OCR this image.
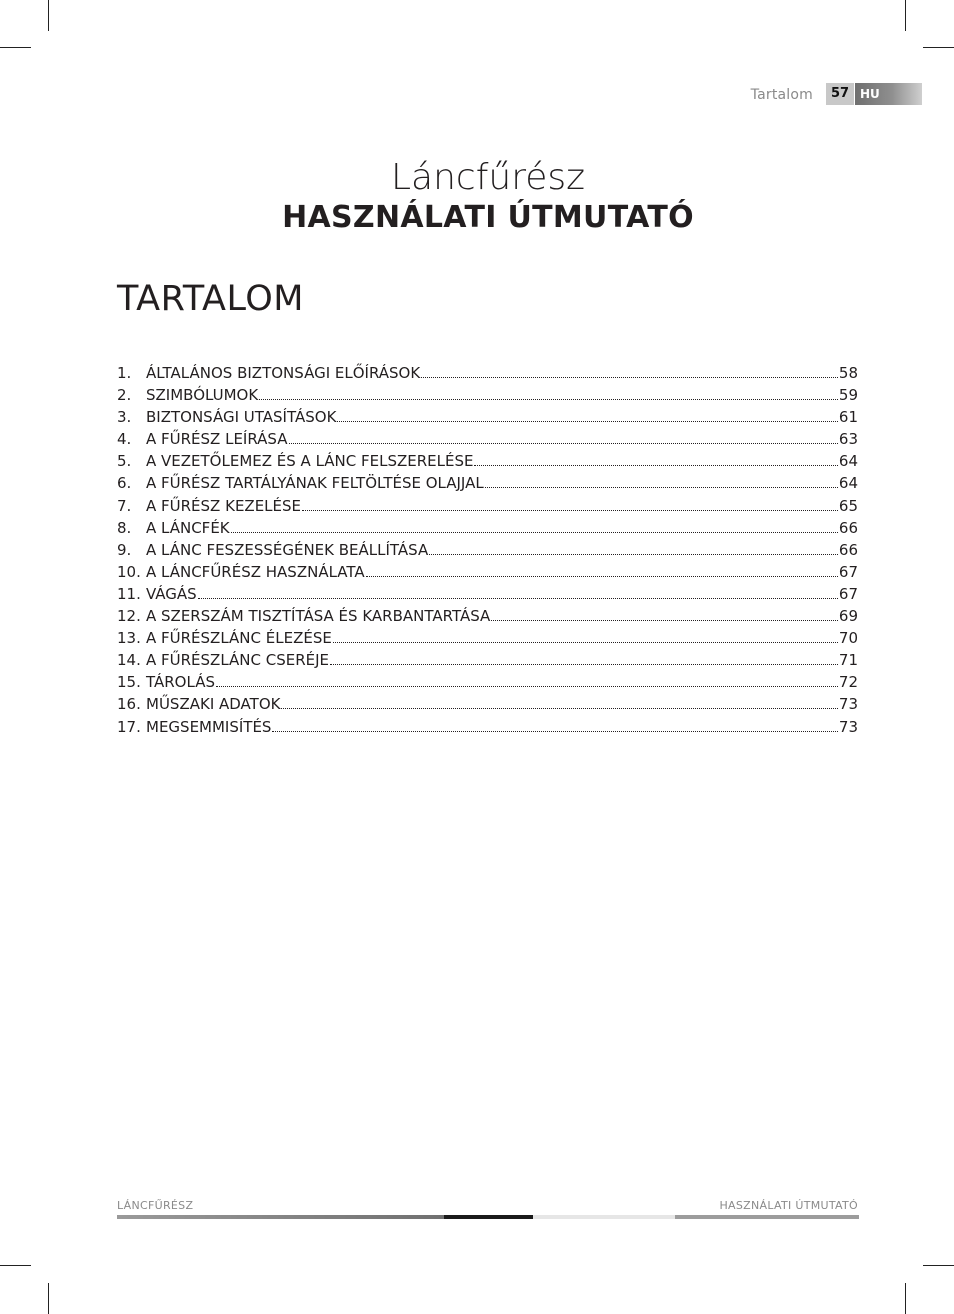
Tartalom	57 HU
Láncfűrész
HASZNÁLATI ÚTMUTATÓ
TARTALOM
1. ÁLTALÁNOS BIZTONSÁGI ELŐÍRÁSOK	58
2. SZIMBÓLUMOK	59
3. BIZTONSÁGI UTASÍTÁSOK	61
4. A FŰRÉSZ LEÍRÁSA	63
5. A VEZETŐLEMEZ ÉS A LÁNC FELSZERELÉSE	64
6. A FŰRÉSZ TARTÁLYÁNAK FELTÖLTÉSE OLAJJAL	64
7. A FŰRÉSZ KEZELÉSE	65
8. A LÁNCFÉK	66
9. A LÁNC FESZESSÉGÉNEK BEÁLLÍTÁSA	66
10. A LÁNCFŰRÉSZ HASZNÁLATA	67
11. VÁGÁS	67
12. A SZERSZÁM TISZTÍTÁSA ÉS KARBANTARTÁSA	69
13. A FŰRÉSZLÁNC ÉLEZÉSE	70
14. A FŰRÉSZLÁNC CSERÉJE	71
15. TÁROLÁS	72
16. MŰSZAKI ADATOK	73
17. MEGSEMMISÍTÉS	73
LÁNCFŰRÉSZ	HASZNÁLATI ÚTMUTATÓ
